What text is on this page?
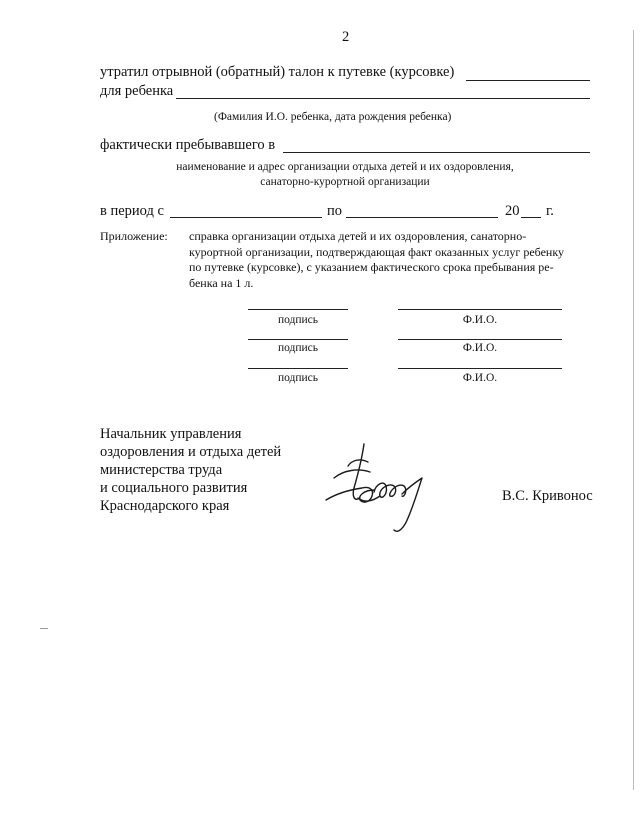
2
утратил отрывной (обратный) талон к путевке (курсовке)
для ребенка
(Фамилия И.О. ребенка, дата рождения ребенка)
фактически пребывавшего в
наименование и адрес организации отдыха детей и их оздоровления,
санаторно-курортной организации
в период с	по	20 г.
Приложение: справка организации отдыха детей и их оздоровления, санаторно-
курортной организации, подтверждающая факт оказанных услуг ребенку
по путевке (курсовке), с указанием фактического срока пребывания ре-
бенка на 1 л.
подпись	Ф.И.О.
подпись	Ф.И.О.
подпись	Ф.И.О.
Начальник управления
оздоровления и отдыха детей
министерства труда
и социального развития
Краснодарского края
В.С. Кривонос
